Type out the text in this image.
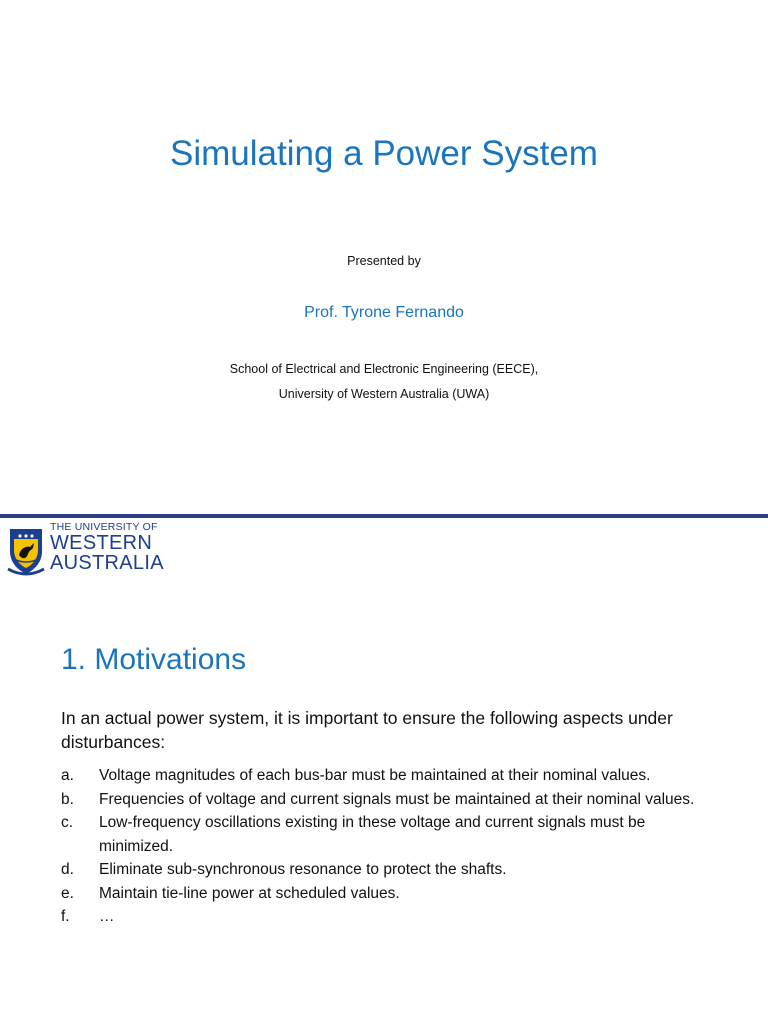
Simulating a Power System
Presented by
Prof. Tyrone Fernando
School of Electrical and Electronic Engineering (EECE),
University of Western Australia (UWA)
THE UNIVERSITY OF
WESTERN
AUSTRALIA
1. Motivations
In an actual power system, it is important to ensure the following aspects under disturbances:
a. Voltage magnitudes of each bus-bar must be maintained at their nominal values.
b. Frequencies of voltage and current signals must be maintained at their nominal values.
c. Low-frequency oscillations existing in these voltage and current signals must be minimized.
d. Eliminate sub-synchronous resonance to protect the shafts.
e. Maintain tie-line power at scheduled values.
f. …
